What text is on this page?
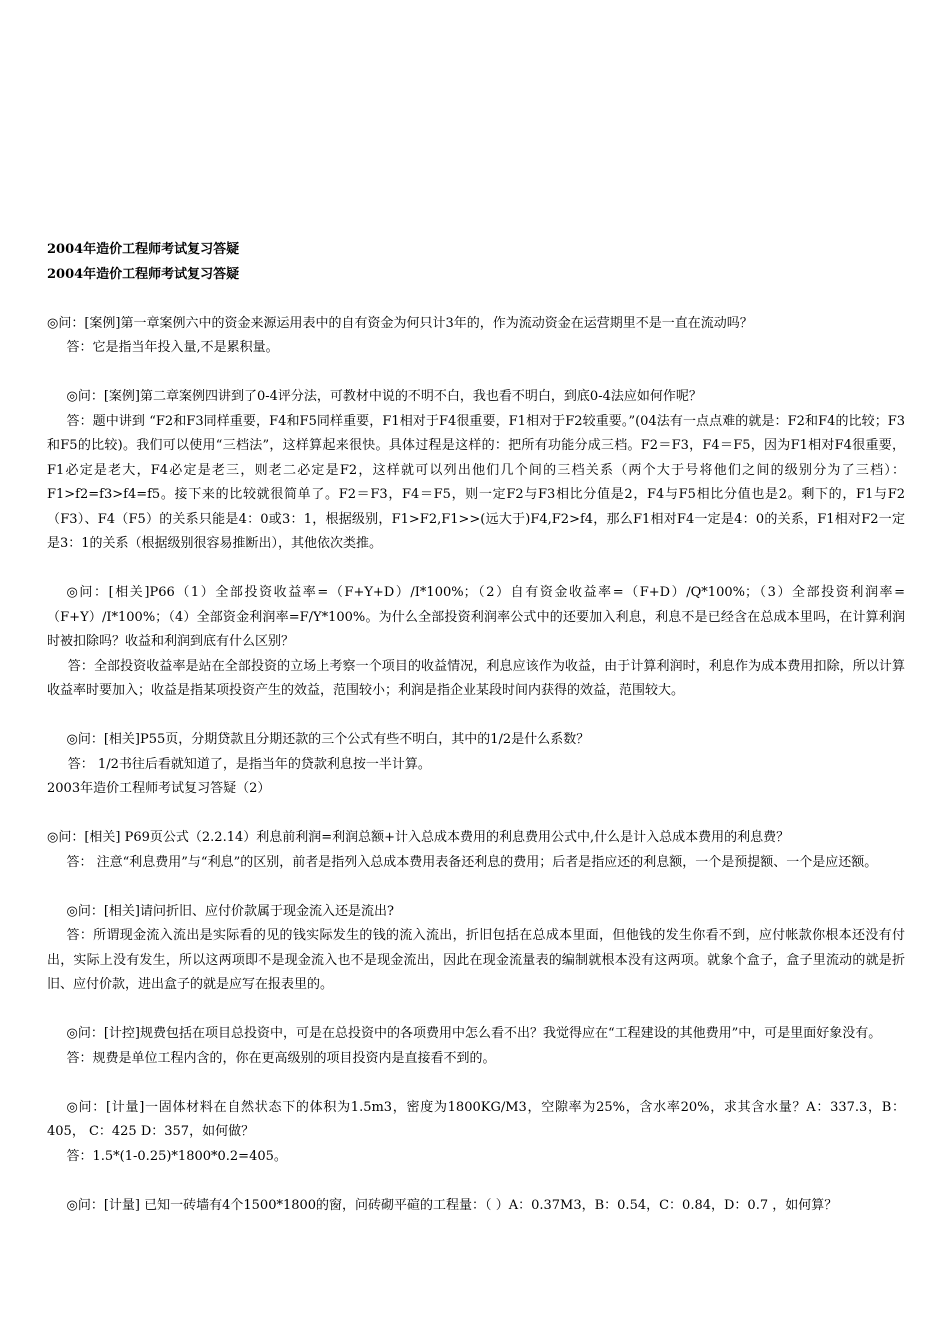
2004年造价工程师考试复习答疑

2004年造价工程师考试复习答疑

◎问：[案例]第一章案例六中的资金来源运用表中的自有资金为何只计3年的，作为流动资金在运营期里不是一直在流动吗？

答：它是指当年投入量,不是累积量。

◎问：[案例]第二章案例四讲到了0-4评分法，可教材中说的不明不白，我也看不明白，到底0-4法应如何作呢？

答：题中讲到 “F2和F3同样重要，F4和F5同样重要，F1相对于F4很重要，F1相对于F2较重要。”(04法有一点点难的就是：F2和F4的比较；F3和F5的比较)。我们可以使用“三档法”，这样算起来很快。具体过程是这样的：把所有功能分成三档。F2＝F3，F4＝F5，因为F1相对F4很重要，F1必定是老大，F4必定是老三，则老二必定是F2，这样就可以列出他们几个间的三档关系（两个大于号将他们之间的级别分为了三档）：F1>f2=f3>f4=f5。接下来的比较就很简单了。F2＝F3，F4＝F5，则一定F2与F3相比分值是2，F4与F5相比分值也是2。剩下的，F1与F2（F3）、F4（F5）的关系只能是4：0或3：1，根据级别，F1>F2,F1>>(远大于)F4,F2>f4，那么F1相对F4一定是4：0的关系，F1相对F2一定是3：1的关系（根据级别很容易推断出），其他依次类推。

◎问：[相关]P66（1）全部投资收益率=（F+Y+D）/I*100%；（2）自有资金收益率=（F+D）/Q*100%；（3）全部投资利润率=（F+Y）/I*100%；（4）全部资金利润率=F/Y*100%。为什么全部投资利润率公式中的还要加入利息，利息不是已经含在总成本里吗，在计算利润时被扣除吗？收益和利润到底有什么区别？

答：全部投资收益率是站在全部投资的立场上考察一个项目的收益情况，利息应该作为收益，由于计算利润时，利息作为成本费用扣除，所以计算收益率时要加入；收益是指某项投资产生的效益，范围较小；利润是指企业某段时间内获得的效益，范围较大。

◎问：[相关]P55页，分期贷款且分期还款的三个公式有些不明白，其中的1/2是什么系数？

答： 1/2书往后看就知道了，是指当年的贷款利息按一半计算。

2003年造价工程师考试复习答疑（2）

◎问：[相关] P69页公式（2.2.14）利息前利润=利润总额+计入总成本费用的利息费用公式中,什么是计入总成本费用的利息费？

答： 注意“利息费用”与“利息”的区别，前者是指列入总成本费用表备还利息的费用；后者是指应还的利息额，一个是预提额、一个是应还额。

◎问：[相关]请问折旧、应付价款属于现金流入还是流出?

答：所谓现金流入流出是实际看的见的钱实际发生的钱的流入流出，折旧包括在总成本里面，但他钱的发生你看不到，应付帐款你根本还没有付出，实际上没有发生，所以这两项即不是现金流入也不是现金流出，因此在现金流量表的编制就根本没有这两项。就象个盒子，盒子里流动的就是折旧、应付价款，进出盒子的就是应写在报表里的。

◎问：[计控]规费包括在项目总投资中，可是在总投资中的各项费用中怎么看不出？我觉得应在“工程建设的其他费用”中，可是里面好象没有。

答：规费是单位工程内含的，你在更高级别的项目投资内是直接看不到的。

◎问：[计量]一固体材料在自然状态下的体积为1.5m3，密度为1800KG/M3，空隙率为25%，含水率20%，求其含水量？A：337.3，B：405， C：425 D：357，如何做？

答：1.5*(1-0.25)*1800*0.2=405。

◎问：[计量] 已知一砖墙有4个1500*1800的窗，问砖砌平碹的工程量：（ ）A：0.37M3，B：0.54，C：0.84，D：0.7 ，如何算？
